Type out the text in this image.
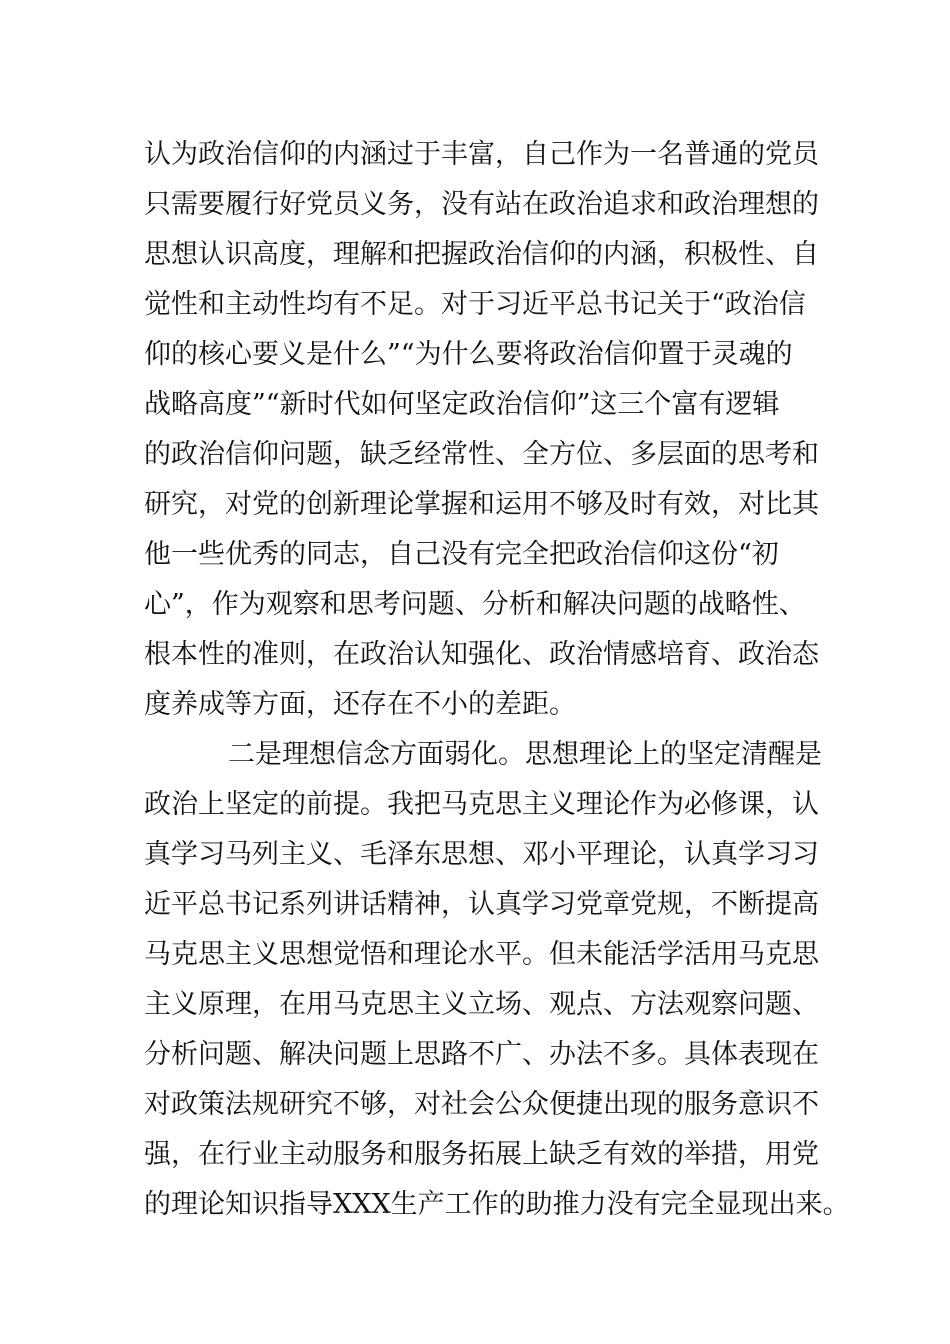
认为政治信仰的内涵过于丰富，自己作为一名普通的党员
只需要履行好党员义务，没有站在政治追求和政治理想的
思想认识高度，理解和把握政治信仰的内涵，积极性、自
觉性和主动性均有不足。对于习近平总书记关于“政治信
仰的核心要义是什么”“为什么要将政治信仰置于灵魂的
战略高度”“新时代如何坚定政治信仰”这三个富有逻辑
的政治信仰问题，缺乏经常性、全方位、多层面的思考和
研究，对党的创新理论掌握和运用不够及时有效，对比其
他一些优秀的同志，自己没有完全把政治信仰这份“初
心”，作为观察和思考问题、分析和解决问题的战略性、
根本性的准则，在政治认知强化、政治情感培育、政治态
度养成等方面，还存在不小的差距。
二是理想信念方面弱化。思想理论上的坚定清醒是
政治上坚定的前提。我把马克思主义理论作为必修课，认
真学习马列主义、毛泽东思想、邓小平理论，认真学习习
近平总书记系列讲话精神，认真学习党章党规，不断提高
马克思主义思想觉悟和理论水平。但未能活学活用马克思
主义原理，在用马克思主义立场、观点、方法观察问题、
分析问题、解决问题上思路不广、办法不多。具体表现在
对政策法规研究不够，对社会公众便捷出现的服务意识不
强，在行业主动服务和服务拓展上缺乏有效的举措，用党
的理论知识指导XXX生产工作的助推力没有完全显现出来。
